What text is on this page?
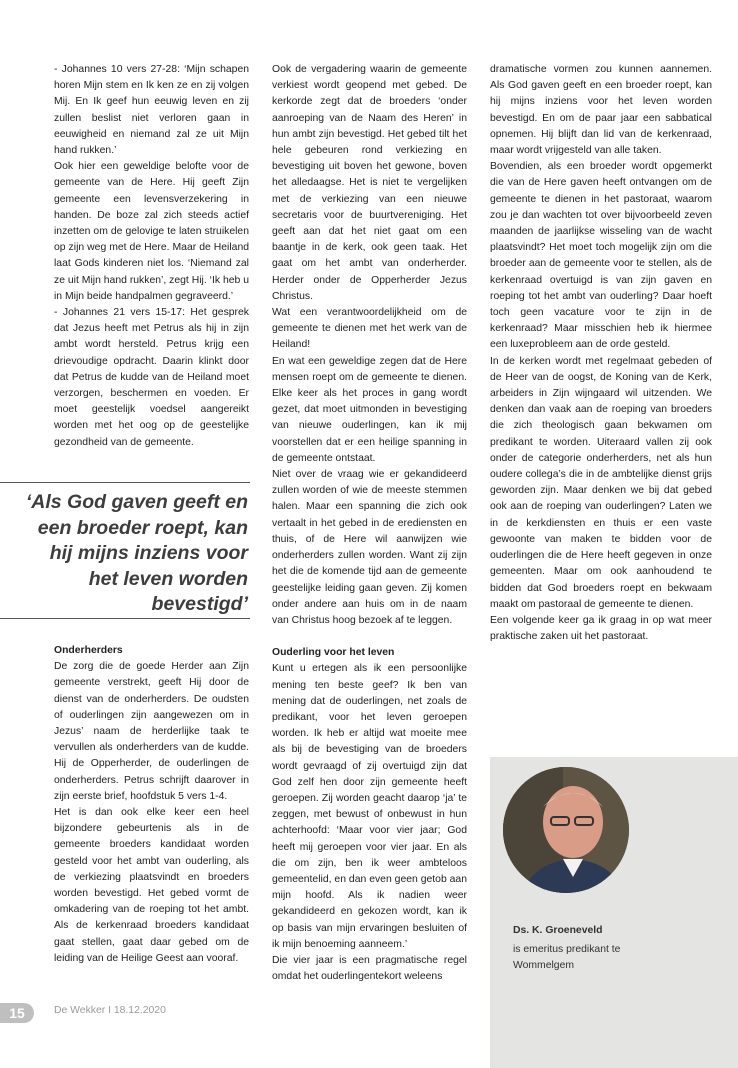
- Johannes 10 vers 27-28: ‘Mijn schapen horen Mijn stem en Ik ken ze en zij volgen Mij. En Ik geef hun eeuwig leven en zij zullen beslist niet verloren gaan in eeuwigheid en niemand zal ze uit Mijn hand rukken.’

Ook hier een geweldige belofte voor de gemeente van de Here. Hij geeft Zijn gemeente een levensverzekering in handen. De boze zal zich steeds actief inzetten om de gelovige te laten struikelen op zijn weg met de Here. Maar de Heiland laat Gods kinderen niet los. ‘Niemand zal ze uit Mijn hand rukken’, zegt Hij. ‘Ik heb u in Mijn beide handpalmen gegraveerd.’

- Johannes 21 vers 15-17: Het gesprek dat Jezus heeft met Petrus als hij in zijn ambt wordt hersteld. Petrus krijg een drievoudige opdracht. Daarin klinkt door dat Petrus de kudde van de Heiland moet verzorgen, beschermen en voeden. Er moet geestelijk voedsel aangereikt worden met het oog op de geestelijke gezondheid van de gemeente.

‘Als God gaven geeft en een broeder roept, kan hij mijns inziens voor het leven worden bevestigd’

Onderherders

De zorg die de goede Herder aan Zijn gemeente verstrekt, geeft Hij door de dienst van de onderherders. De oudsten of ouderlingen zijn aangewezen om in Jezus’ naam de herderlijke taak te vervullen als onderherders van de kudde. Hij de Opperherder, de ouderlingen de onderherders. Petrus schrijft daarover in zijn eerste brief, hoofdstuk 5 vers 1-4.

Het is dan ook elke keer een heel bijzondere gebeurtenis als in de gemeente broeders kandidaat worden gesteld voor het ambt van ouderling, als de verkiezing plaatsvindt en broeders worden bevestigd. Het gebed vormt de omkadering van de roeping tot het ambt. Als de kerkenraad broeders kandidaat gaat stellen, gaat daar gebed om de leiding van de Heilige Geest aan vooraf.

Ook de vergadering waarin de gemeente verkiest wordt geopend met gebed. De kerkorde zegt dat de broeders ‘onder aanroeping van de Naam des Heren’ in hun ambt zijn bevestigd. Het gebed tilt het hele gebeuren rond verkiezing en bevestiging uit boven het gewone, boven het alledaagse. Het is niet te vergelijken met de verkiezing van een nieuwe secretaris voor de buurtvereniging. Het geeft aan dat het niet gaat om een baantje in de kerk, ook geen taak. Het gaat om het ambt van onderherder. Herder onder de Opperherder Jezus Christus.

Wat een verantwoordelijkheid om de gemeente te dienen met het werk van de Heiland!

En wat een geweldige zegen dat de Here mensen roept om de gemeente te dienen. Elke keer als het proces in gang wordt gezet, dat moet uitmonden in bevestiging van nieuwe ouderlingen, kan ik mij voorstellen dat er een heilige spanning in de gemeente ontstaat.

Niet over de vraag wie er gekandideerd zullen worden of wie de meeste stemmen halen. Maar een spanning die zich ook vertaalt in het gebed in de erediensten en thuis, of de Here wil aanwijzen wie onderherders zullen worden. Want zij zijn het die de komende tijd aan de gemeente geestelijke leiding gaan geven. Zij komen onder andere aan huis om in de naam van Christus hoog bezoek af te leggen.

Ouderling voor het leven

Kunt u ertegen als ik een persoonlijke mening ten beste geef? Ik ben van mening dat de ouderlingen, net zoals de predikant, voor het leven geroepen worden. Ik heb er altijd wat moeite mee als bij de bevestiging van de broeders wordt gevraagd of zij overtuigd zijn dat God zelf hen door zijn gemeente heeft geroepen. Zij worden geacht daarop ‘ja’ te zeggen, met bewust of onbewust in hun achterhoofd: ‘Maar voor vier jaar; God heeft mij geroepen voor vier jaar. En als die om zijn, ben ik weer ambteloos gemeentelid, en dan even geen getob aan mijn hoofd. Als ik nadien weer gekandideerd en gekozen wordt, kan ik op basis van mijn ervaringen besluiten of ik mijn benoeming aanneem.’

Die vier jaar is een pragmatische regel omdat het ouderlingentekort weleens

dramatische vormen zou kunnen aannemen. Als God gaven geeft en een broeder roept, kan hij mijns inziens voor het leven worden bevestigd. En om de paar jaar een sabbatical opnemen. Hij blijft dan lid van de kerkenraad, maar wordt vrijgesteld van alle taken.

Bovendien, als een broeder wordt opgemerkt die van de Here gaven heeft ontvangen om de gemeente te dienen in het pastoraat, waarom zou je dan wachten tot over bijvoorbeeld zeven maanden de jaarlijkse wisseling van de wacht plaatsvindt? Het moet toch mogelijk zijn om die broeder aan de gemeente voor te stellen, als de kerkenraad overtuigd is van zijn gaven en roeping tot het ambt van ouderling? Daar hoeft toch geen vacature voor te zijn in de kerkenraad? Maar misschien heb ik hiermee een luxeprobleem aan de orde gesteld.

In de kerken wordt met regelmaat gebeden of de Heer van de oogst, de Koning van de Kerk, arbeiders in Zijn wijngaard wil uitzenden. We denken dan vaak aan de roeping van broeders die zich theologisch gaan bekwamen om predikant te worden. Uiteraard vallen zij ook onder de categorie onderherders, net als hun oudere collega’s die in de ambtelijke dienst grijs geworden zijn. Maar denken we bij dat gebed ook aan de roeping van ouderlingen? Laten we in de kerkdiensten en thuis er een vaste gewoonte van maken te bidden voor de ouderlingen die de Here heeft gegeven in onze gemeenten. Maar om ook aanhoudend te bidden dat God broeders roept en bekwaam maakt om pastoraal de gemeente te dienen.

Een volgende keer ga ik graag in op wat meer praktische zaken uit het pastoraat.

Ds. K. Groeneveld
is emeritus predikant te Wommelgem
15	De Wekker I 18.12.2020
